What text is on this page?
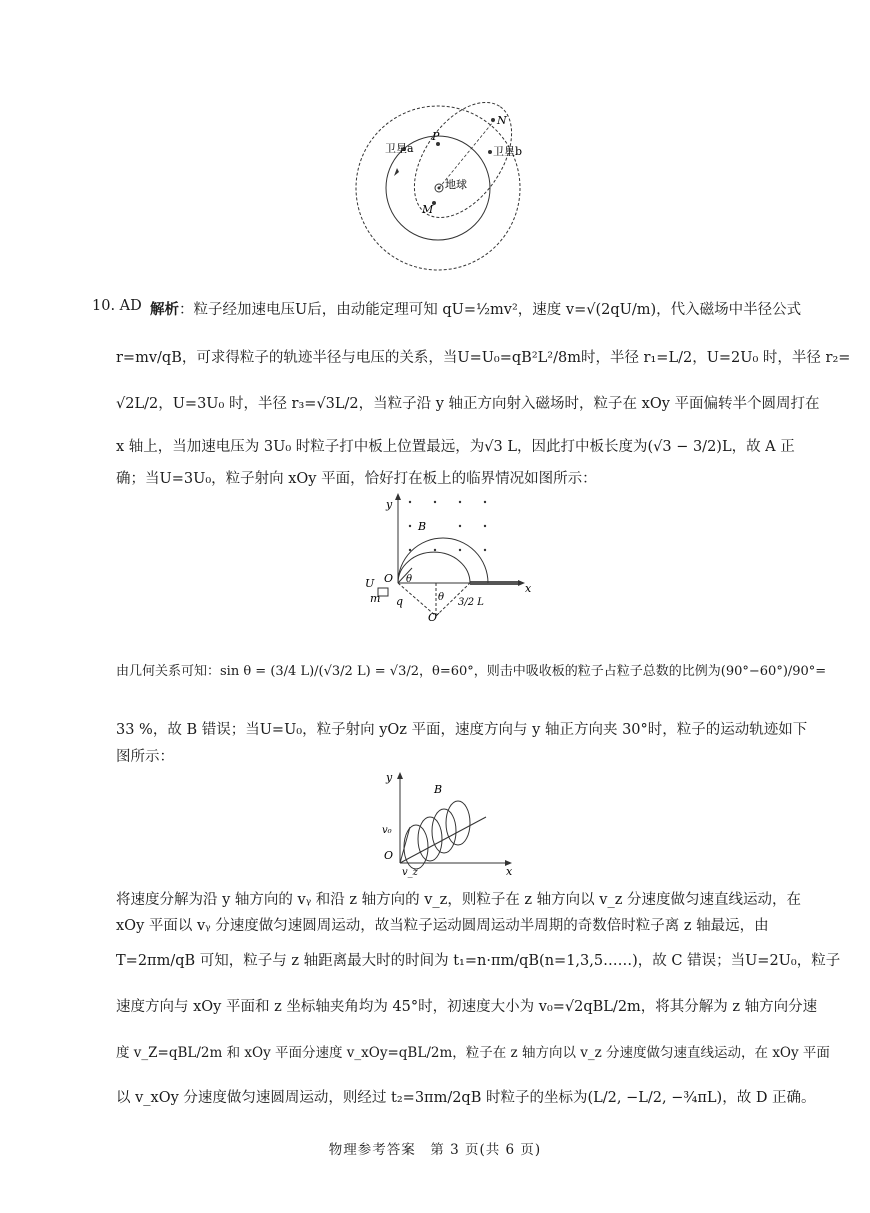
卫星a	卫星b
P
N
M
地球
10. AD 解析：粒子经加速电压U后，由动能定理可知 qU=½mv²，速度 v=√(2qU/m)，代入磁场中半径公式
r=mv/qB，可求得粒子的轨迹半径与电压的关系，当U=U₀=qB²L²/8m时，半径 r₁=L/2，U=2U₀ 时，半径 r₂=
√2L/2，U=3U₀ 时，半径 r₃=√3L/2，当粒子沿 y 轴正方向射入磁场时，粒子在 xOy 平面偏转半个圆周打在
x 轴上，当加速电压为 3U₀ 时粒子打中板上位置最远，为√3 L，因此打中板长度为(√3 − 3/2)L，故 A 正
确；当U=3U₀，粒子射向 xOy 平面，恰好打在板上的临界情况如图所示：
y
x
B
O
U
m q
θ
θ
O′
3/2 L
由几何关系可知：sin θ = (3/4 L)/(√3/2 L) = √3/2，θ=60°，则击中吸收板的粒子占粒子总数的比例为(90°−60°)/90°=
33 %，故 B 错误；当U=U₀，粒子射向 yOz 平面，速度方向与 y 轴正方向夹 30°时，粒子的运动轨迹如下
图所示：
y
x
B
O
v₀
v_z
将速度分解为沿 y 轴方向的 vᵧ 和沿 z 轴方向的 v_z，则粒子在 z 轴方向以 v_z 分速度做匀速直线运动，在
xOy 平面以 vᵧ 分速度做匀速圆周运动，故当粒子运动圆周运动半周期的奇数倍时粒子离 z 轴最远，由
T=2πm/qB 可知，粒子与 z 轴距离最大时的时间为 t₁=n·πm/qB(n=1,3,5……)，故 C 错误；当U=2U₀，粒子
速度方向与 xOy 平面和 z 坐标轴夹角均为 45°时，初速度大小为 v₀=√2qBL/2m，将其分解为 z 轴方向分速
度 v_Z=qBL/2m 和 xOy 平面分速度 v_xOy=qBL/2m，粒子在 z 轴方向以 v_z 分速度做匀速直线运动，在 xOy 平面
以 v_xOy 分速度做匀速圆周运动，则经过 t₂=3πm/2qB 时粒子的坐标为(L/2, −L/2, −¾πL)，故 D 正确。
物理参考答案　第 3 页(共 6 页)
